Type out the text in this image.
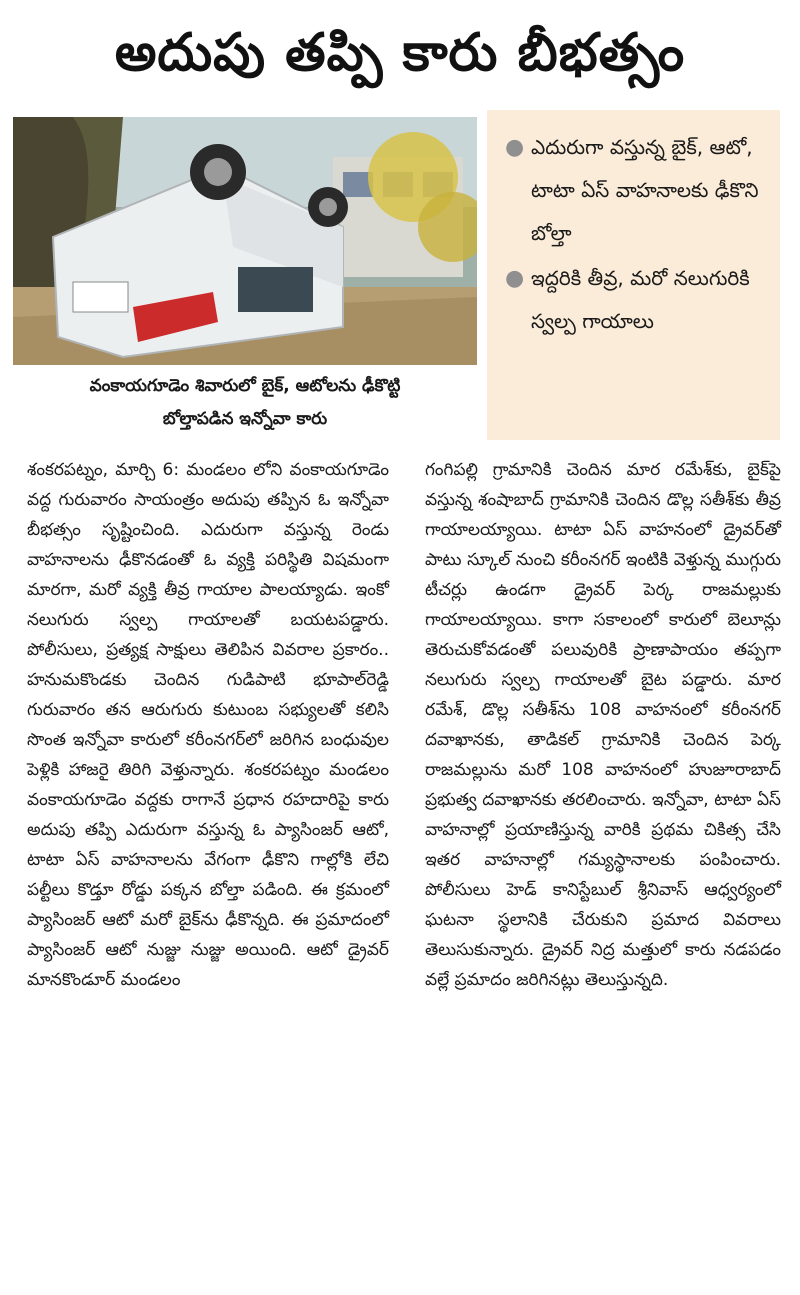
అదుపు తప్పి కారు బీభత్సం
వంకాయగూడెం శివారులో బైక్‌, ఆటోలను ఢీకొట్టి
బోల్తాపడిన ఇన్నోవా కారు
● ఎదురుగా వస్తున్న బైక్‌, ఆటో, టాటా ఏస్‌ వాహనాలకు ఢీకొని బోల్తా
● ఇద్దరికి తీవ్ర, మరో నలుగురికి స్వల్ప గాయాలు

శంకరపట్నం, మార్చి 6: మండలం లోని వంకాయగూడెం వద్ద గురువారం సాయంత్రం అదుపు తప్పిన ఓ ఇన్నోవా బీభత్సం సృష్టించింది. ఎదురుగా వస్తున్న రెండు వాహనాలను ఢీకొనడంతో ఓ వ్యక్తి పరిస్థితి విషమంగా మారగా, మరో వ్యక్తి తీవ్ర గాయాల పాలయ్యాడు. ఇంకో నలుగురు స్వల్ప గాయాలతో బయటపడ్డారు. పోలీసులు, ప్రత్యక్ష సాక్షులు తెలిపిన వివరాల ప్రకారం.. హనుమకొండకు చెందిన గుడిపాటి భూపాల్‌రెడ్డి గురువారం తన ఆరుగురు కుటుంబ సభ్యులతో కలిసి సొంత ఇన్నోవా కారులో కరీంనగర్‌లో జరిగిన బంధువుల పెళ్లికి హాజరై తిరిగి వెళ్తున్నారు. శంకరపట్నం మండలం వంకాయగూడెం వద్దకు రాగానే ప్రధాన రహదారిపై కారు అదుపు తప్పి ఎదురుగా వస్తున్న ఓ ప్యాసింజర్‌ ఆటో, టాటా ఏస్‌ వాహనాలను వేగంగా ఢీకొని గాల్లోకి లేచి పల్టీలు కొడ్తూ రోడ్డు పక్కన బోల్తా పడింది. ఈ క్రమంలో ప్యాసింజర్‌ ఆటో మరో బైక్‌ను ఢీకొన్నది. ఈ ప్రమాదంలో ప్యాసింజర్‌ ఆటో నుజ్జు నుజ్జు అయింది. ఆటో డ్రైవర్‌ మానకొండూర్‌ మండలం

గంగిపల్లి గ్రామానికి చెందిన మార రమేశ్‌కు, బైక్‌పై వస్తున్న శంషాబాద్‌ గ్రామానికి చెందిన డొల్ల సతీశ్‌కు తీవ్ర గాయాలయ్యాయి. టాటా ఏస్‌ వాహనంలో డ్రైవర్‌తో పాటు స్కూల్‌ నుంచి కరీంనగర్‌ ఇంటికి వెళ్తున్న ముగ్గురు టీచర్లు ఉండగా డ్రైవర్‌ పెర్క రాజమల్లుకు గాయాలయ్యాయి. కాగా సకాలంలో కారులో బెలూన్లు తెరుచుకోవడంతో పలువురికి ప్రాణాపాయం తప్పగా నలుగురు స్వల్ప గాయాలతో బైట పడ్డారు. మార రమేశ్‌, డొల్ల సతీశ్‌ను 108 వాహనంలో కరీంనగర్‌ దవాఖానకు, తాడికల్‌ గ్రామానికి చెందిన పెర్క రాజమల్లును మరో 108 వాహనంలో హుజూరాబాద్‌ ప్రభుత్వ దవాఖానకు తరలించారు. ఇన్నోవా, టాటా ఏస్‌ వాహనాల్లో ప్రయాణిస్తున్న వారికి ప్రథమ చికిత్స చేసి ఇతర వాహనాల్లో గమ్యస్థానాలకు పంపించారు. పోలీసులు హెడ్‌ కానిస్టేబుల్‌ శ్రీనివాస్‌ ఆధ్వర్యంలో ఘటనా స్థలానికి చేరుకుని ప్రమాద వివరాలు తెలుసుకున్నారు. డ్రైవర్‌ నిద్ర మత్తులో కారు నడపడం వల్లే ప్రమాదం జరిగినట్లు తెలుస్తున్నది.
